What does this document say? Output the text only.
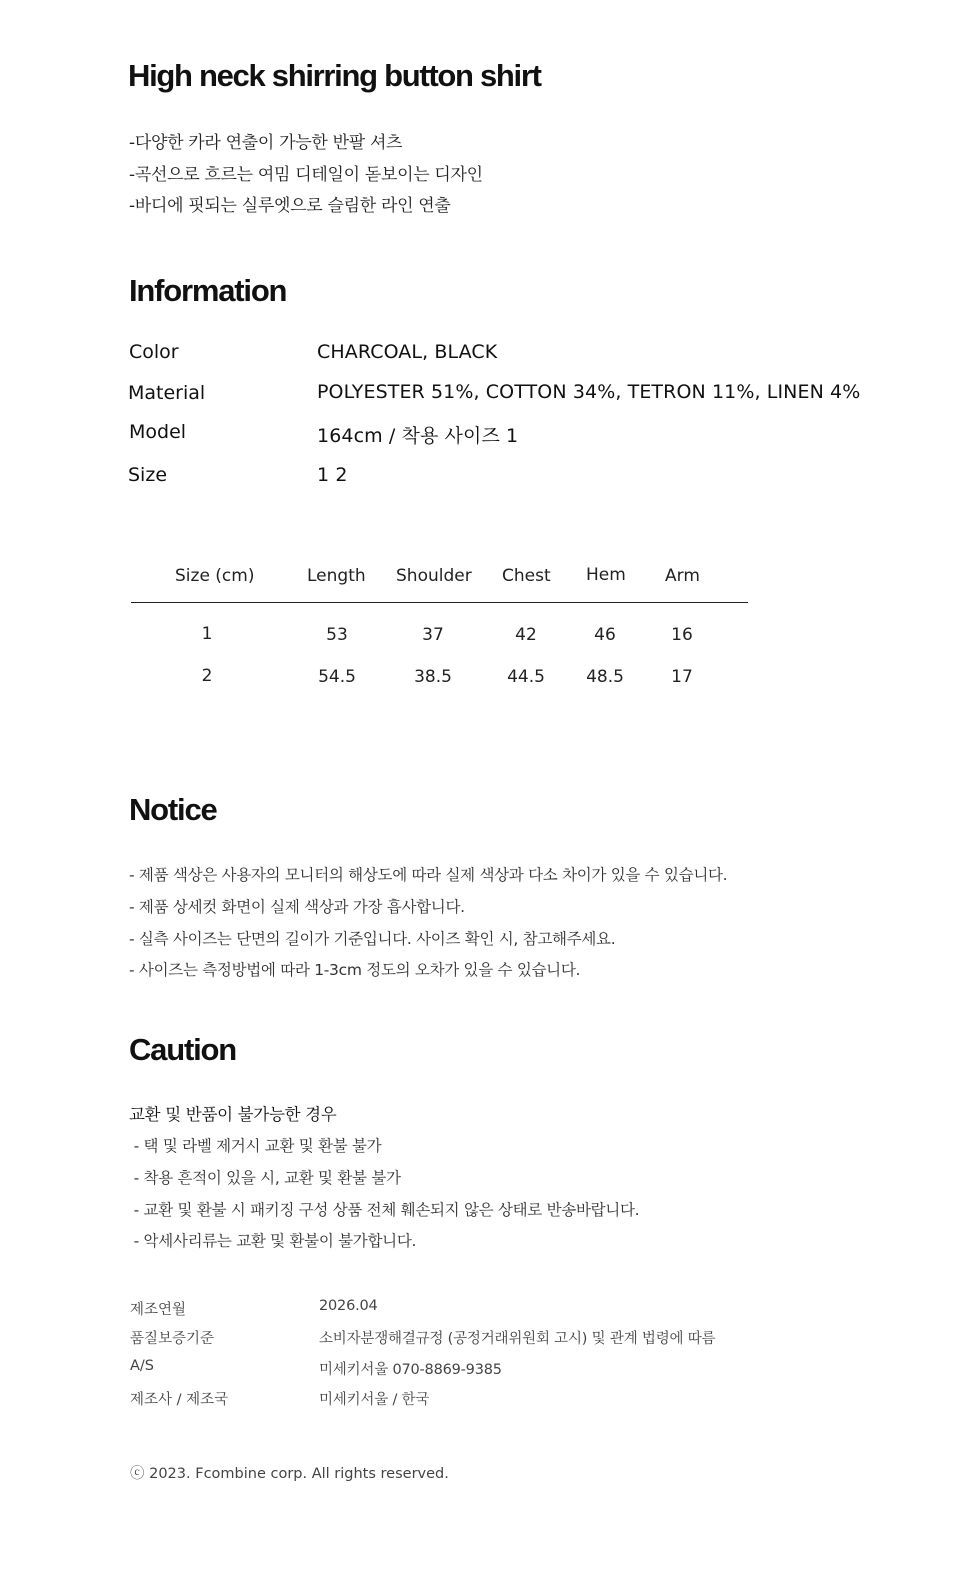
High neck shirring button shirt
-다양한 카라 연출이 가능한 반팔 셔츠
-곡선으로 흐르는 여밈 디테일이 돋보이는 디자인
-바디에 핏되는 실루엣으로 슬림한 라인 연출
Information
Color	CHARCOAL, BLACK
Material	POLYESTER 51%, COTTON 34%, TETRON 11%, LINEN 4%
Model	164cm / 착용 사이즈 1
Size	1 2
Size (cm)	Length Shoulder Chest Hem Arm
1	53	37	42	46	16
2	54.5	38.5	44.5	48.5	17
Notice
- 제품 색상은 사용자의 모니터의 해상도에 따라 실제 색상과 다소 차이가 있을 수 있습니다.
- 제품 상세컷 화면이 실제 색상과 가장 흡사합니다.
- 실측 사이즈는 단면의 길이가 기준입니다. 사이즈 확인 시, 참고해주세요.
- 사이즈는 측정방법에 따라 1-3cm 정도의 오차가 있을 수 있습니다.
Caution
교환 및 반품이 불가능한 경우
- 택 및 라벨 제거시 교환 및 환불 불가
- 착용 흔적이 있을 시, 교환 및 환불 불가
- 교환 및 환불 시 패키징 구성 상품 전체 훼손되지 않은 상태로 반송바랍니다.
- 악세사리류는 교환 및 환불이 불가합니다.
제조연월	2026.04
품질보증기준	소비자분쟁해결규정 (공정거래위원회 고시) 및 관계 법령에 따름
A/S	미세키서울 070-8869-9385
제조사 / 제조국	미세키서울 / 한국
ⓒ 2023. Fcombine corp. All rights reserved.
